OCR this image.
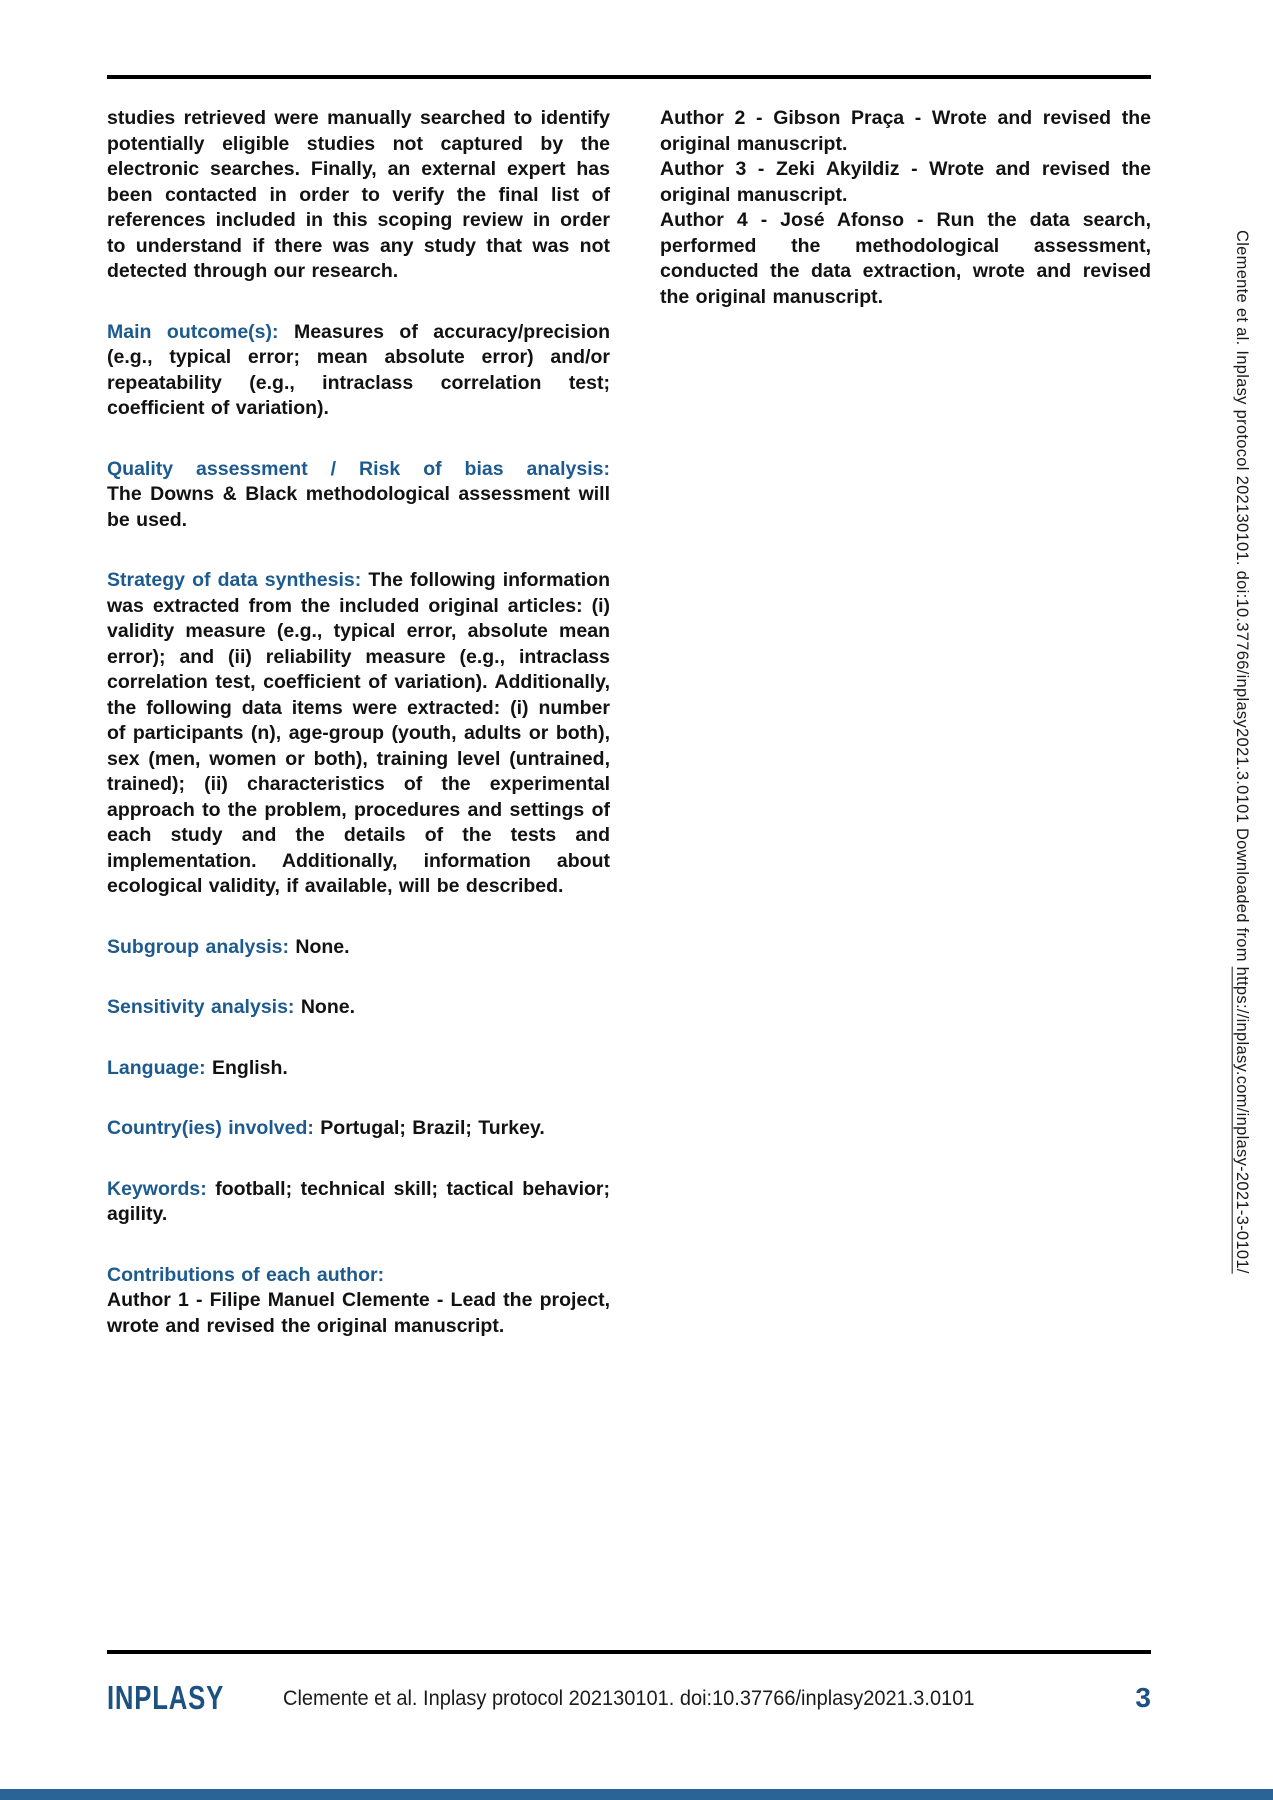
studies retrieved were manually searched to identify potentially eligible studies not captured by the electronic searches. Finally, an external expert has been contacted in order to verify the final list of references included in this scoping review in order to understand if there was any study that was not detected through our research.

Main outcome(s): Measures of accuracy/precision (e.g., typical error; mean absolute error) and/or repeatability (e.g., intraclass correlation test; coefficient of variation).

Quality assessment / Risk of bias analysis:
The Downs & Black methodological assessment will be used.

Strategy of data synthesis: The following information was extracted from the included original articles: (i) validity measure (e.g., typical error, absolute mean error); and (ii) reliability measure (e.g., intraclass correlation test, coefficient of variation). Additionally, the following data items were extracted: (i) number of participants (n), age-group (youth, adults or both), sex (men, women or both), training level (untrained, trained); (ii) characteristics of the experimental approach to the problem, procedures and settings of each study and the details of the tests and implementation. Additionally, information about ecological validity, if available, will be described.

Subgroup analysis: None.

Sensitivity analysis: None.

Language: English.

Country(ies) involved: Portugal; Brazil; Turkey.

Keywords: football; technical skill; tactical behavior; agility.

Contributions of each author:
Author 1 - Filipe Manuel Clemente - Lead the project, wrote and revised the original manuscript.

Author 2 - Gibson Praça - Wrote and revised the original manuscript.

Author 3 - Zeki Akyildiz - Wrote and revised the original manuscript.

Author 4 - José Afonso - Run the data search, performed the methodological assessment, conducted the data extraction, wrote and revised the original manuscript.	Clemente et al. Inplasy protocol 202130101. doi:10.37766/inplasy2021.3.0101 Downloaded from https://inplasy.com/inplasy-2021-3-0101/
INPLASY	Clemente et al. Inplasy protocol 202130101. doi:10.37766/inplasy2021.3.0101	3
